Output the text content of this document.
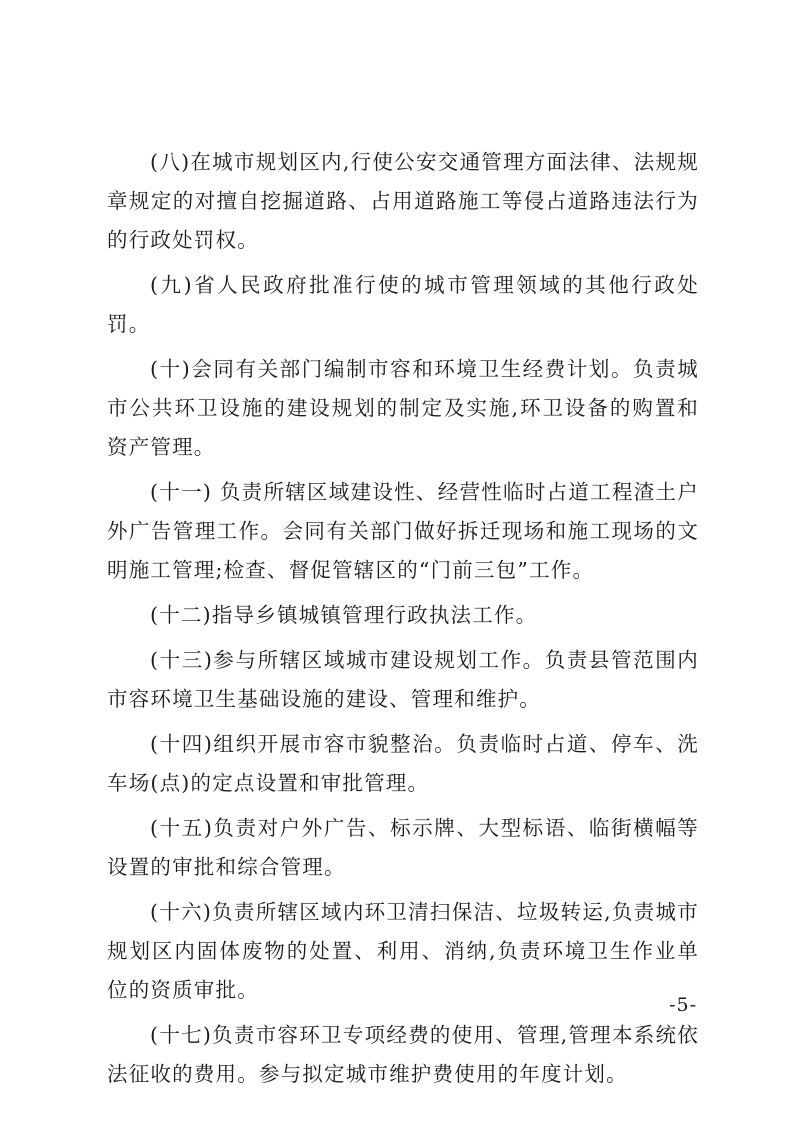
(八)在城市规划区内,行使公安交通管理方面法律、法规规章规定的对擅自挖掘道路、占用道路施工等侵占道路违法行为的行政处罚权。

(九)省人民政府批准行使的城市管理领域的其他行政处罚。

(十)会同有关部门编制市容和环境卫生经费计划。负责城市公共环卫设施的建设规划的制定及实施,环卫设备的购置和资产管理。

(十一) 负责所辖区域建设性、经营性临时占道工程渣土户外广告管理工作。会同有关部门做好拆迁现场和施工现场的文明施工管理;检查、督促管辖区的“门前三包”工作。

(十二)指导乡镇城镇管理行政执法工作。

(十三)参与所辖区域城市建设规划工作。负责县管范围内市容环境卫生基础设施的建设、管理和维护。

(十四)组织开展市容市貌整治。负责临时占道、停车、洗车场(点)的定点设置和审批管理。

(十五)负责对户外广告、标示牌、大型标语、临街横幅等设置的审批和综合管理。

(十六)负责所辖区域内环卫清扫保洁、垃圾转运,负责城市规划区内固体废物的处置、利用、消纳,负责环境卫生作业单位的资质审批。

(十七)负责市容环卫专项经费的使用、管理,管理本系统依法征收的费用。参与拟定城市维护费使用的年度计划。

-5-
